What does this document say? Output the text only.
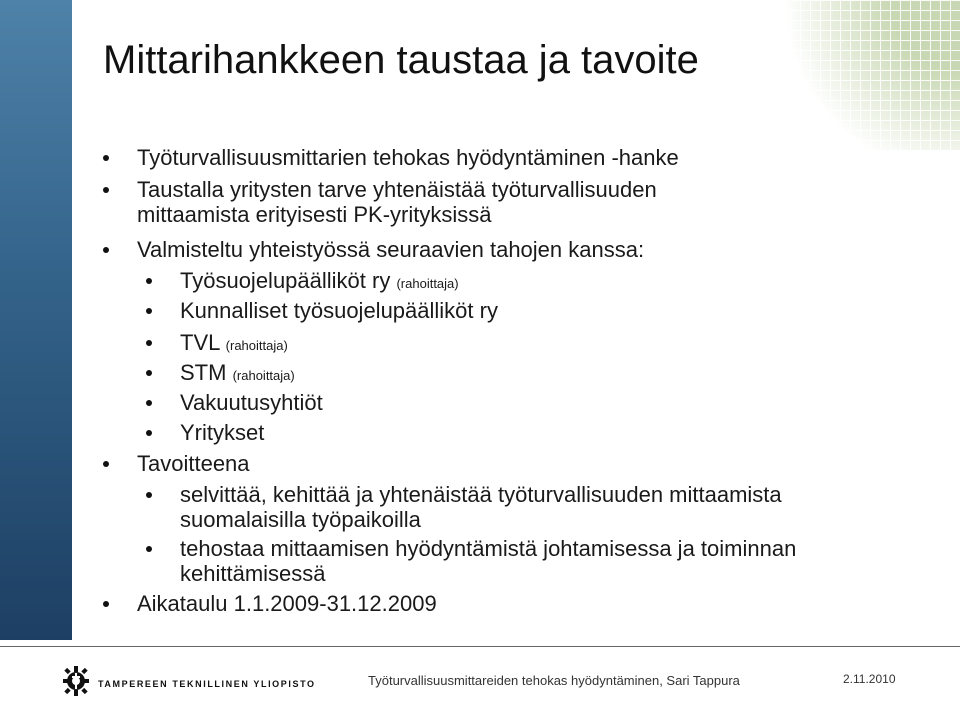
Mittarihankkeen taustaa ja tavoite
Työturvallisuusmittarien tehokas hyödyntäminen -hanke
Taustalla yritysten tarve yhtenäistää työturvallisuuden
mittaamista erityisesti PK-yrityksissä
Valmisteltu yhteistyössä seuraavien tahojen kanssa:
Työsuojelupäälliköt ry (rahoittaja)
Kunnalliset työsuojelupäälliköt ry
TVL (rahoittaja)
STM (rahoittaja)
Vakuutusyhtiöt
Yritykset
Tavoitteena
selvittää, kehittää ja yhtenäistää työturvallisuuden mittaamista
suomalaisilla työpaikoilla
tehostaa mittaamisen hyödyntämistä johtamisessa ja toiminnan
kehittämisessä
Aikataulu 1.1.2009-31.12.2009
TAMPEREEN TEKNILLINEN YLIOPISTO	Työturvallisuusmittareiden tehokas hyödyntäminen, Sari Tappura	2.11.2010
